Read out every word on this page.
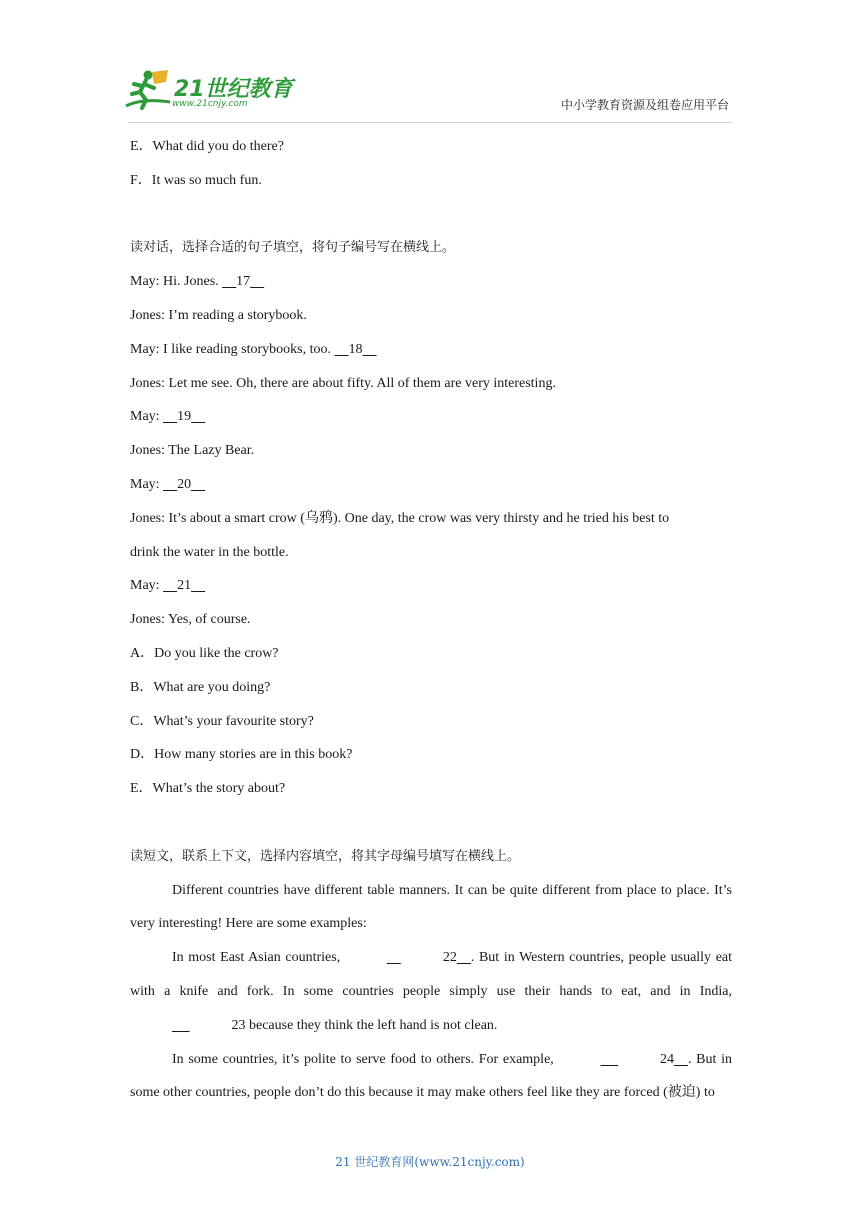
21世纪教育
www.21cnjy.com	中小学教育资源及组卷应用平台
E．What did you do there?
F．It was so much fun.
读对话，选择合适的句子填空，将句子编号写在横线上。
May: Hi. Jones.     17
Jones: I’m reading a storybook.
May: I like reading storybooks, too.     18
Jones: Let me see. Oh, there are about fifty. All of them are very interesting.
May:     19
Jones: The Lazy Bear.
May:     20
Jones: It’s about a smart crow (乌鸦). One day, the crow was very thirsty and he tried his best to
drink the water in the bottle.
May:     21
Jones: Yes, of course.
A．Do you like the crow?
B．What are you doing?
C．What’s your favourite story?
D．How many stories are in this book?
E．What’s the story about?
读短文，联系上下文，选择内容填空，将其字母编号填写在横线上。
Different countries have different table manners. It can be quite different from place to place. It’s very interesting! Here are some examples:
In most East Asian countries,	22 . But in Western countries, people usually eat with a knife and fork. In some countries people simply use their hands to eat, and in India,      23 because they think the left hand is not clean.
In some countries, it’s polite to serve food to others. For example,	24 . But in some other countries, people don’t do this because it may make others feel like they are forced (被迫) to
21 世纪教育网(www.21cnjy.com)
